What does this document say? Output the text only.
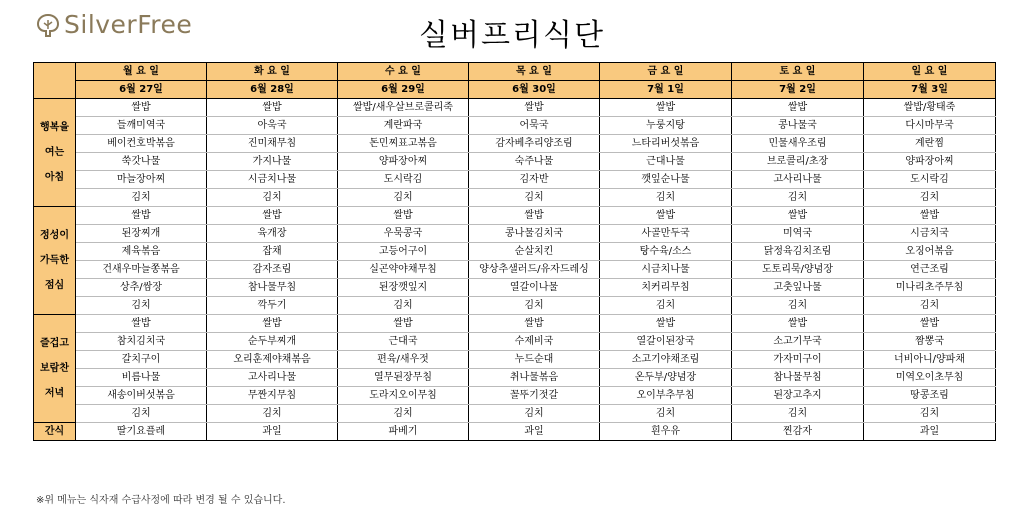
SilverFree	실버프리식단
	월 요 일	화 요 일	수 요 일	목 요 일	금 요 일	토 요 일	일 요 일
	6월 27일	6월 28일	6월 29일	6월 30일	7월 1일	7월 2일	7월 3일

행복을
여는
아침	쌀밥	쌀밥	쌀밥/새우살브로콜리죽	쌀밥	쌀밥	쌀밥	쌀밥/황태죽
	들깨미역국	아욱국	계란파국	어묵국	누룽지탕	콩나물국	다시마무국
	베이컨호박볶음	진미채무침	돈민찌표고볶음	감자베추리양조림	느타리버섯볶음	민물새우조림	계란찜
	쑥갓나물	가지나물	양파장아찌	숙주나물	근대나물	브로콜리/초장	양파장아찌
	마늘장아찌	시금치나물	도시락김	김자반	깻잎순나물	고사리나물	도시락김
	김치	김치	김치	김치	김치	김치	김치

정성이
가득한
점심	쌀밥	쌀밥	쌀밥	쌀밥	쌀밥	쌀밥	쌀밥
	된장찌개	육개장	우묵콩국	콩나물김치국	사골만두국	미역국	시금치국
	제육볶음	잡채	고등어구이	순살치킨	탕수육/소스	닭정육김치조림	오징어볶음
	건새우마늘쫑볶음	감자조림	실곤약야채무침	양상추샐러드/유자드레싱	시금치나물	도토리묵/양념장	연근조림
	상추/쌈장	참나물무침	된장깻잎지	열갈이나물	치커리무침	고춧잎나물	미나리초주무침
	김치	깍두기	김치	김치	김치	김치	김치

즐겁고
보람찬
저녁	쌀밥	쌀밥	쌀밥	쌀밥	쌀밥	쌀밥	쌀밥
	참치김치국	순두부찌개	근대국	수제비국	열갈이된장국	소고기무국	짬뽕국
	갈치구이	오리훈제야채볶음	편육/새우젓	누드순대	소고기야채조림	가자미구이	너비아니/양파채
	비름나물	고사리나물	열무된장무침	취나물볶음	온두부/양념장	참나물무침	미역오이초무침
	새송이버섯볶음	무짠지무침	도라지오이무침	꼴뚜기젓갈	오이부추무침	된장고추지	땅콩조림
	김치	김치	김치	김치	김치	김치	김치
간식	딸기요플레	과일	파베기	과일	흰우유	찐감자	과일
※위 메뉴는 식자재 수급사정에 따라 변경 될 수 있습니다.
